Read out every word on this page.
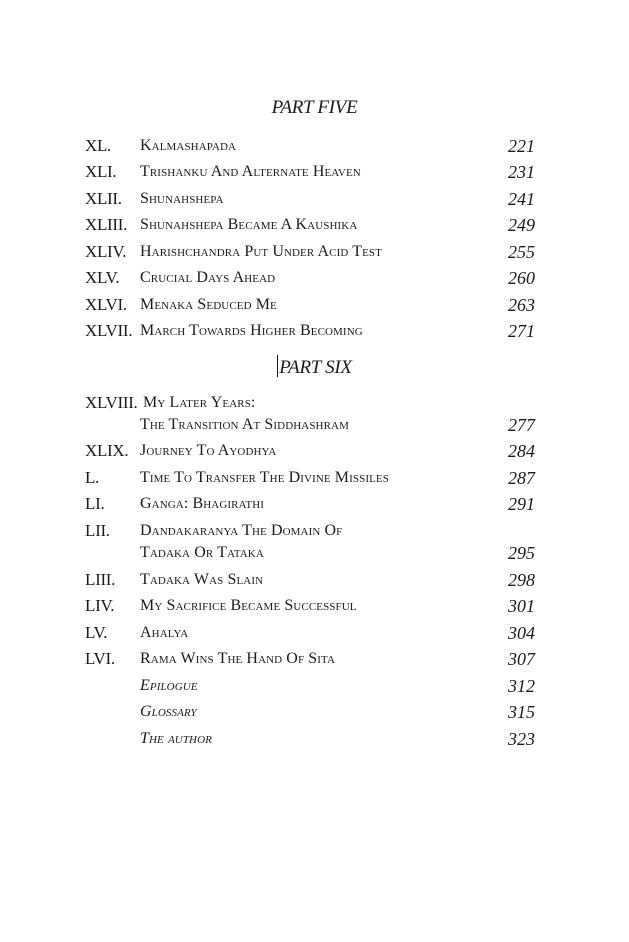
PART FIVE
XL. Kalmashapada	221
XLI. Trishanku And Alternate Heaven	231
XLII. Shunahshepa	241
XLIII. Shunahshepa Became A Kaushika	249
XLIV. Harishchandra Put Under Acid Test	255
XLV. Crucial Days Ahead	260
XLVI. Menaka Seduced Me	263
XLVII. March Towards Higher Becoming	271
PART SIX
XLVIII. My Later Years:
The Transition At Siddhashram	277
XLIX. Journey To Ayodhya	284
L.	Time To Transfer The Divine Missiles	287
LI. Ganga: Bhagirathi	291
LII. Dandakaranya The Domain Of
Tadaka Or Tataka	295
LIII. Tadaka Was Slain	298
LIV. My Sacrifice Became Successful	301
LV. Ahalya	304
LVI. Rama Wins The Hand Of Sita	307
Epilogue	312
Glossary	315
The author	323
